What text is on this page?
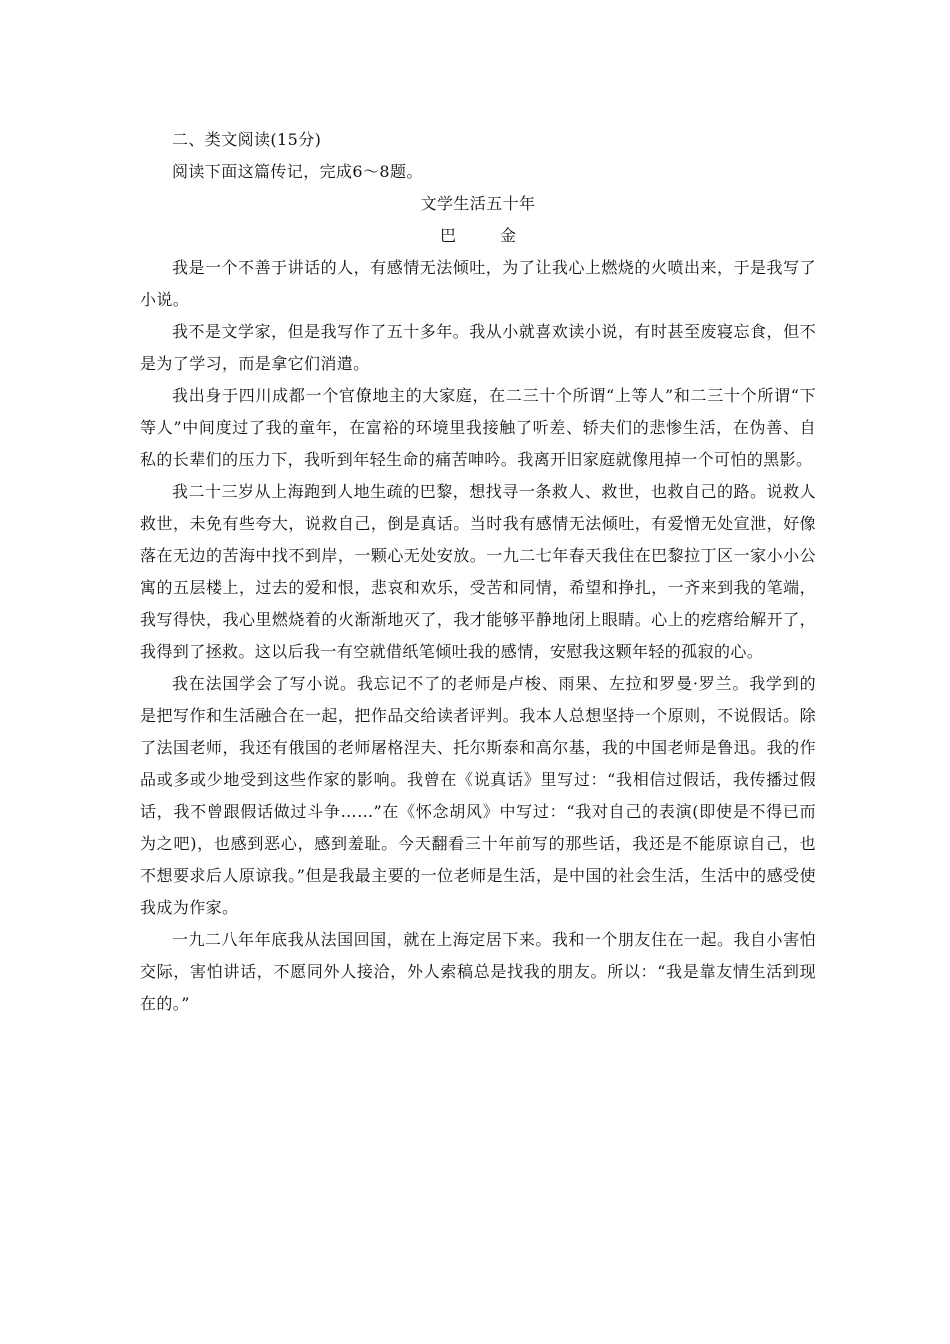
二、类文阅读(15分)

阅读下面这篇传记，完成6～8题。

文学生活五十年

巴　金

我是一个不善于讲话的人，有感情无法倾吐，为了让我心上燃烧的火喷出来，于是我写了小说。

我不是文学家，但是我写作了五十多年。我从小就喜欢读小说，有时甚至废寝忘食，但不是为了学习，而是拿它们消遣。

我出身于四川成都一个官僚地主的大家庭，在二三十个所谓“上等人”和二三十个所谓“下等人”中间度过了我的童年，在富裕的环境里我接触了听差、轿夫们的悲惨生活，在伪善、自私的长辈们的压力下，我听到年轻生命的痛苦呻吟。我离开旧家庭就像甩掉一个可怕的黑影。

我二十三岁从上海跑到人地生疏的巴黎，想找寻一条救人、救世，也救自己的路。说救人救世，未免有些夸大，说救自己，倒是真话。当时我有感情无法倾吐，有爱憎无处宣泄，好像落在无边的苦海中找不到岸，一颗心无处安放。一九二七年春天我住在巴黎拉丁区一家小小公寓的五层楼上，过去的爱和恨，悲哀和欢乐，受苦和同情，希望和挣扎，一齐来到我的笔端，我写得快，我心里燃烧着的火渐渐地灭了，我才能够平静地闭上眼睛。心上的疙瘩给解开了，我得到了拯救。这以后我一有空就借纸笔倾吐我的感情，安慰我这颗年轻的孤寂的心。

我在法国学会了写小说。我忘记不了的老师是卢梭、雨果、左拉和罗曼·罗兰。我学到的是把写作和生活融合在一起，把作品交给读者评判。我本人总想坚持一个原则，不说假话。除了法国老师，我还有俄国的老师屠格涅夫、托尔斯泰和高尔基，我的中国老师是鲁迅。我的作品或多或少地受到这些作家的影响。我曾在《说真话》里写过：“我相信过假话，我传播过假话，我不曾跟假话做过斗争……”在《怀念胡风》中写过：“我对自己的表演(即使是不得已而为之吧)，也感到恶心，感到羞耻。今天翻看三十年前写的那些话，我还是不能原谅自己，也不想要求后人原谅我。”但是我最主要的一位老师是生活，是中国的社会生活，生活中的感受使我成为作家。

一九二八年年底我从法国回国，就在上海定居下来。我和一个朋友住在一起。我自小害怕交际，害怕讲话，不愿同外人接洽，外人索稿总是找我的朋友。所以：“我是靠友情生活到现在的。”
